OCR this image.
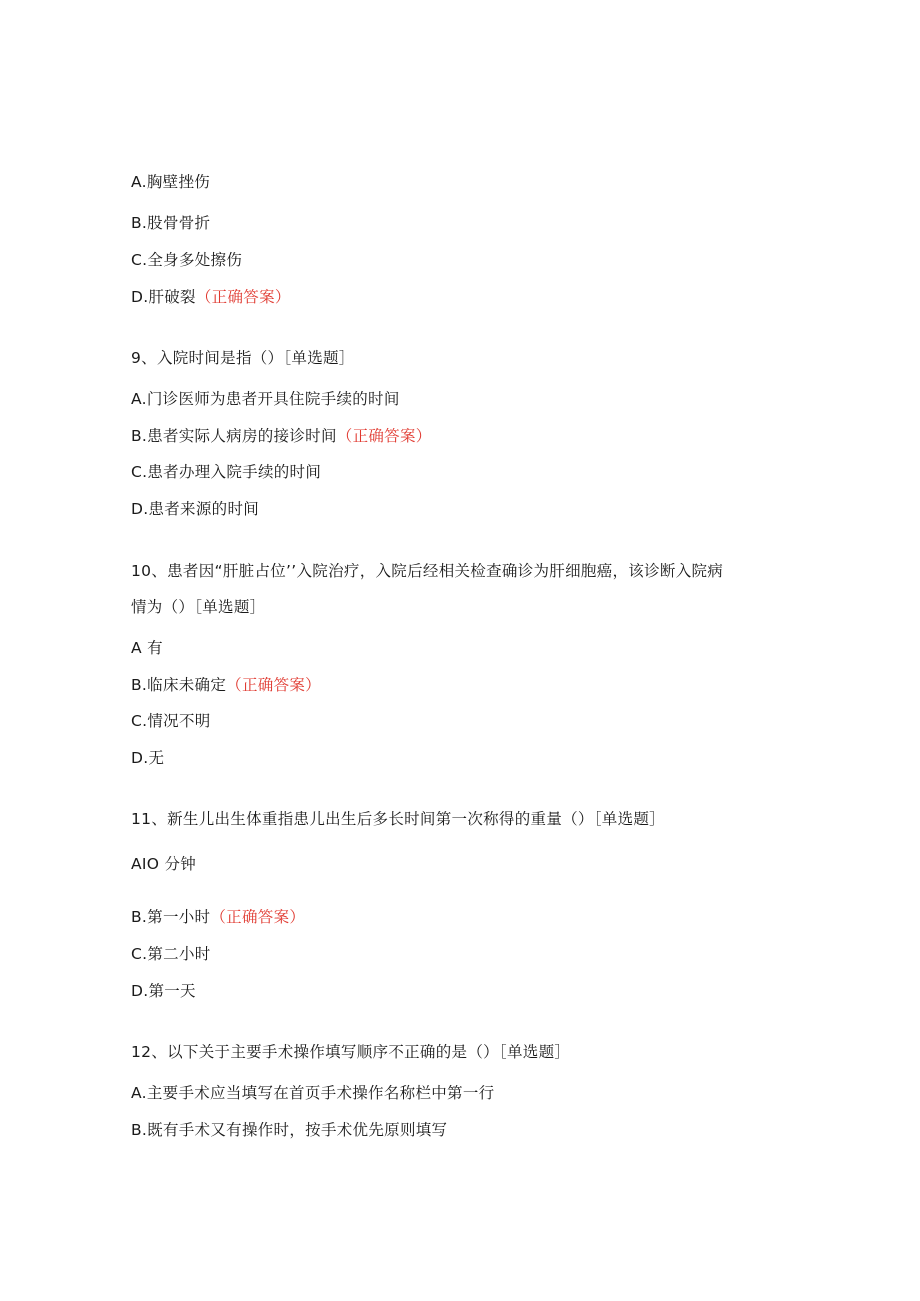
A.胸壁挫伤
B.股骨骨折
C.全身多处擦伤
D.肝破裂（正确答案）
9、入院时间是指（）［单选题］
A.门诊医师为患者开具住院手续的时间
B.患者实际人病房的接诊时间（正确答案）
C.患者办理入院手续的时间
D.患者来源的时间
10、患者因“肝脏占位’’入院治疗，入院后经相关检查确诊为肝细胞癌，该诊断入院病
情为（）［单选题］
A 有
B.临床未确定（正确答案）
C.情况不明
D.无
11、新生儿出生体重指患儿出生后多长时间第一次称得的重量（）［单选题］
AIO 分钟
B.第一小时（正确答案）
C.第二小时
D.第一天
12、以下关于主要手术操作填写顺序不正确的是（）［单选题］
A.主要手术应当填写在首页手术操作名称栏中第一行
B.既有手术又有操作时，按手术优先原则填写
